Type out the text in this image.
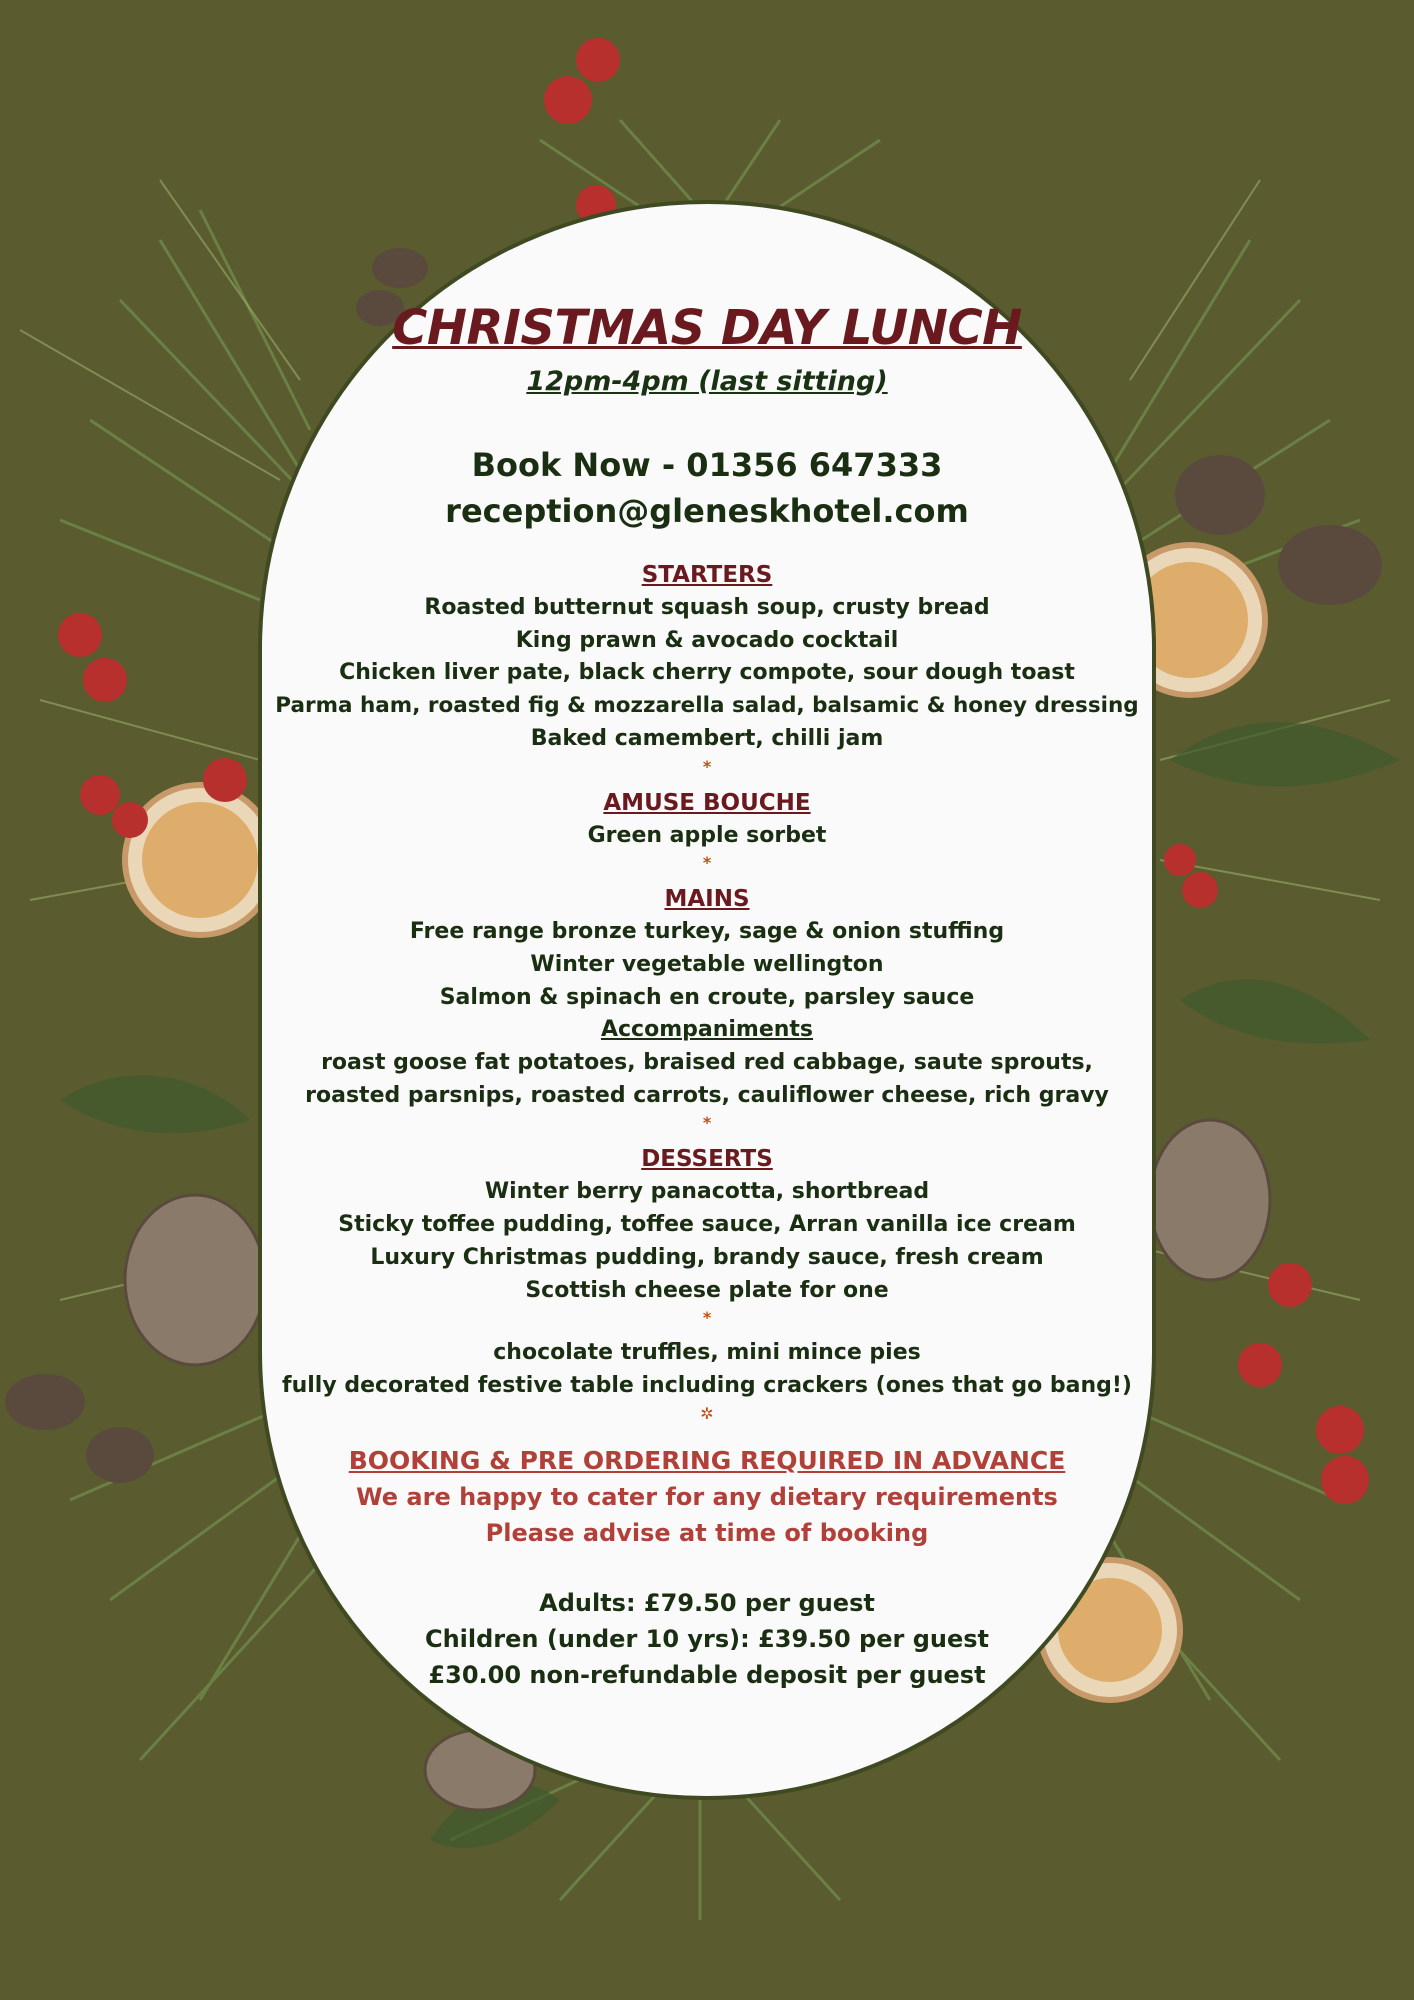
CHRISTMAS DAY LUNCH
12pm-4pm (last sitting)
Book Now - 01356 647333
reception@gleneskhotel.com
STARTERS
Roasted butternut squash soup, crusty bread
King prawn & avocado cocktail
Chicken liver pate, black cherry compote, sour dough toast
Parma ham, roasted fig & mozzarella salad, balsamic & honey dressing
Baked camembert, chilli jam
*
AMUSE BOUCHE
Green apple sorbet
*
MAINS
Free range bronze turkey, sage & onion stuffing
Winter vegetable wellington
Salmon & spinach en croute, parsley sauce
Accompaniments
roast goose fat potatoes, braised red cabbage, saute sprouts,
roasted parsnips, roasted carrots, cauliflower cheese, rich gravy
*
DESSERTS
Winter berry panacotta, shortbread
Sticky toffee pudding, toffee sauce, Arran vanilla ice cream
Luxury Christmas pudding, brandy sauce, fresh cream
Scottish cheese plate for one
*
chocolate truffles, mini mince pies
fully decorated festive table including crackers (ones that go bang!)
✲
BOOKING & PRE ORDERING REQUIRED IN ADVANCE
We are happy to cater for any dietary requirements
Please advise at time of booking
Adults: £79.50 per guest
Children (under 10 yrs): £39.50 per guest
£30.00 non-refundable deposit per guest
